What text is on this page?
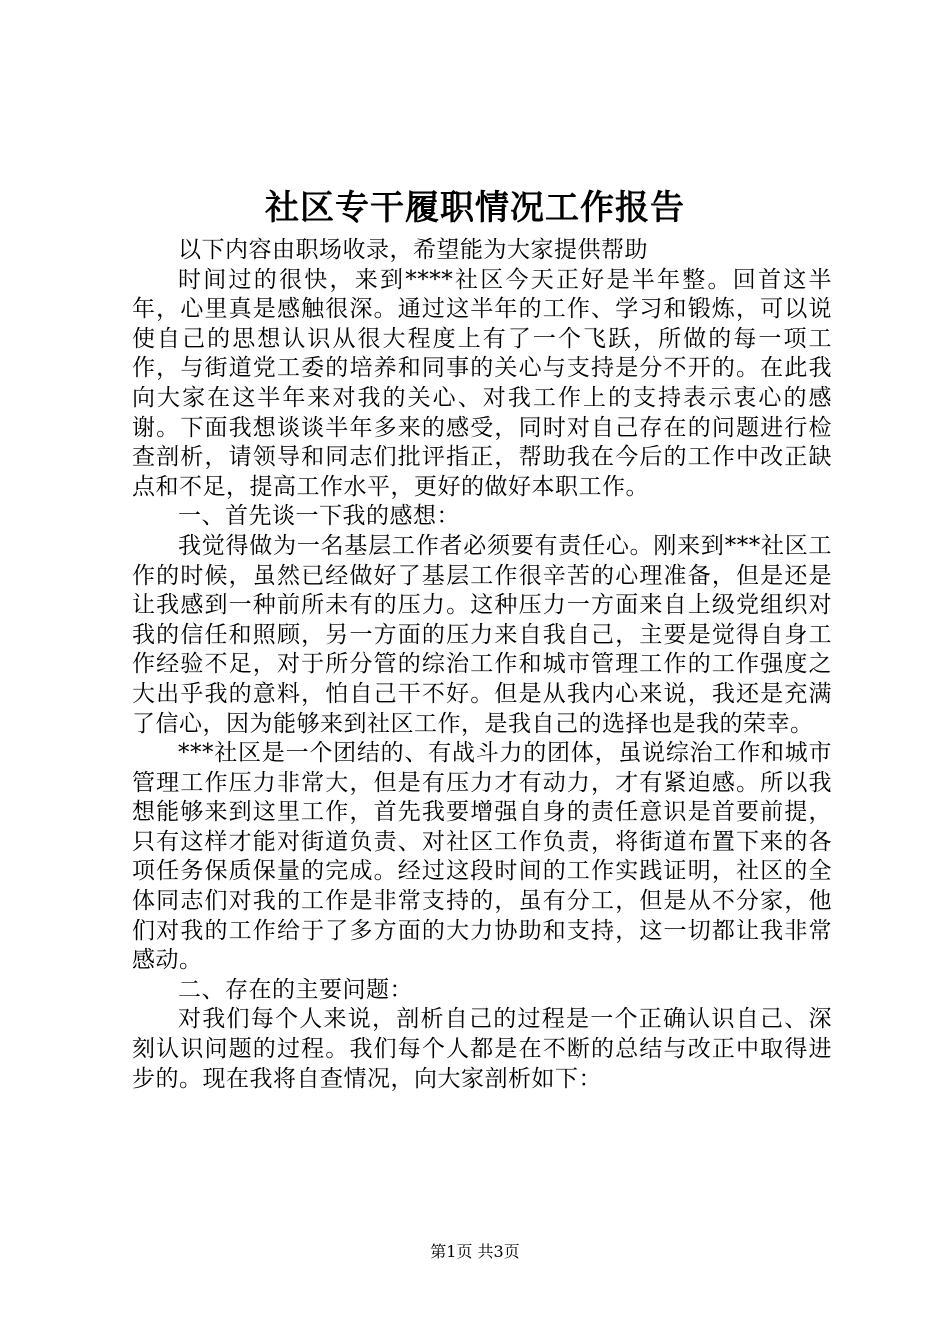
社区专干履职情况工作报告

以下内容由职场收录，希望能为大家提供帮助

时间过的很快，来到****社区今天正好是半年整。回首这半年，心里真是感触很深。通过这半年的工作、学习和锻炼，可以说使自己的思想认识从很大程度上有了一个飞跃，所做的每一项工作，与街道党工委的培养和同事的关心与支持是分不开的。在此我向大家在这半年来对我的关心、对我工作上的支持表示衷心的感谢。下面我想谈谈半年多来的感受，同时对自己存在的问题进行检查剖析，请领导和同志们批评指正，帮助我在今后的工作中改正缺点和不足，提高工作水平，更好的做好本职工作。

一、首先谈一下我的感想：

我觉得做为一名基层工作者必须要有责任心。刚来到***社区工作的时候，虽然已经做好了基层工作很辛苦的心理准备，但是还是让我感到一种前所未有的压力。这种压力一方面来自上级党组织对我的信任和照顾，另一方面的压力来自我自己，主要是觉得自身工作经验不足，对于所分管的综治工作和城市管理工作的工作强度之大出乎我的意料，怕自己干不好。但是从我内心来说，我还是充满了信心，因为能够来到社区工作，是我自己的选择也是我的荣幸。

***社区是一个团结的、有战斗力的团体，虽说综治工作和城市管理工作压力非常大，但是有压力才有动力，才有紧迫感。所以我想能够来到这里工作，首先我要增强自身的责任意识是首要前提，只有这样才能对街道负责、对社区工作负责，将街道布置下来的各项任务保质保量的完成。经过这段时间的工作实践证明，社区的全体同志们对我的工作是非常支持的，虽有分工，但是从不分家，他们对我的工作给于了多方面的大力协助和支持，这一切都让我非常感动。

二、存在的主要问题：

对我们每个人来说，剖析自己的过程是一个正确认识自己、深刻认识问题的过程。我们每个人都是在不断的总结与改正中取得进步的。现在我将自查情况，向大家剖析如下：

第1页 共3页
